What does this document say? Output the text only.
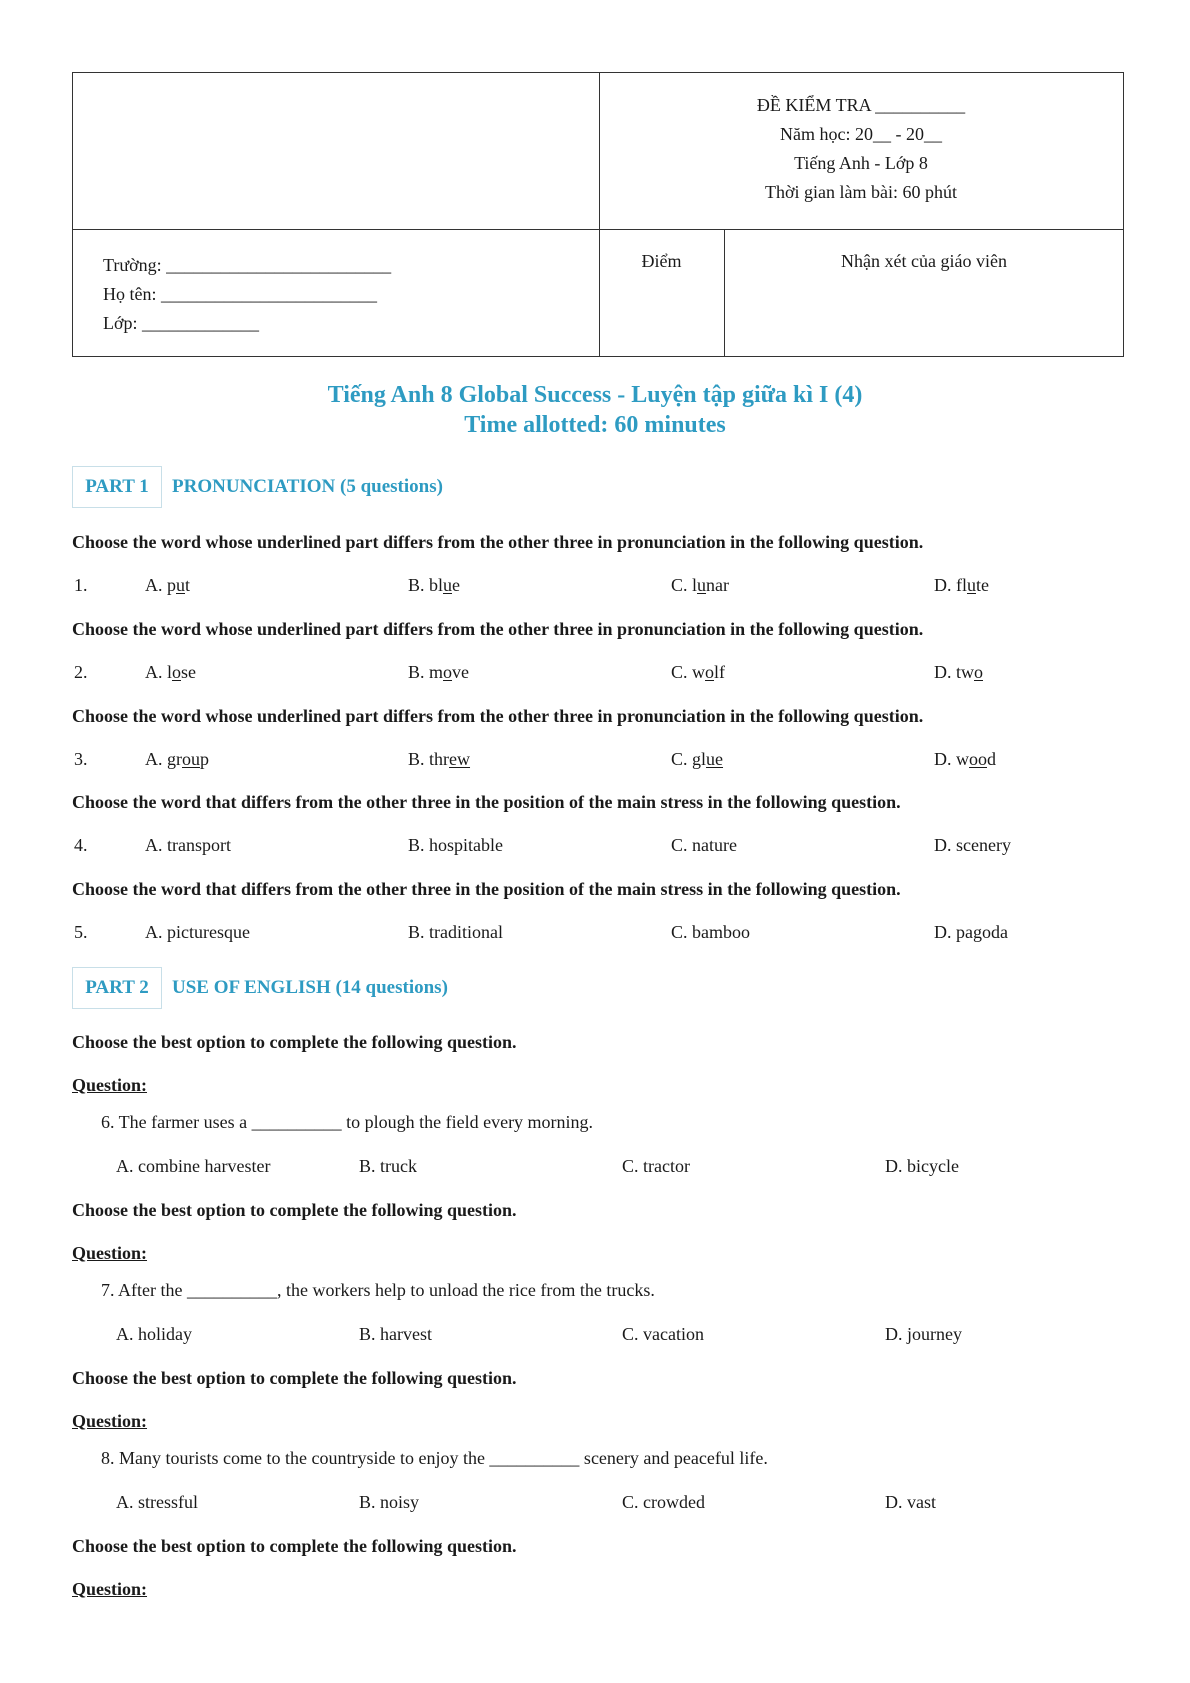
ĐỀ KIỂM TRA __________
Năm học: 20__ - 20__
Tiếng Anh - Lớp 8
Thời gian làm bài: 60 phút
Trường: _________________________
Họ tên: ________________________
Lớp: _____________
Điểm	Nhận xét của giáo viên
Tiếng Anh 8 Global Success - Luyện tập giữa kì I (4)
Time allotted: 60 minutes
PART 1	PRONUNCIATION (5 questions)
Choose the word whose underlined part differs from the other three in pronunciation in the following question.
1.	A. put	B. blue	C. lunar	D. flute
Choose the word whose underlined part differs from the other three in pronunciation in the following question.
2.	A. lose	B. move	C. wolf	D. two
Choose the word whose underlined part differs from the other three in pronunciation in the following question.
3.	A. group	B. threw	C. glue	D. wood
Choose the word that differs from the other three in the position of the main stress in the following question.
4.	A. transport	B. hospitable	C. nature	D. scenery
Choose the word that differs from the other three in the position of the main stress in the following question.
5.	A. picturesque	B. traditional	C. bamboo	D. pagoda
PART 2	USE OF ENGLISH (14 questions)
Choose the best option to complete the following question.
Question:
6. The farmer uses a __________ to plough the field every morning.
A. combine harvester	B. truck	C. tractor	D. bicycle
Choose the best option to complete the following question.
Question:
7. After the __________, the workers help to unload the rice from the trucks.
A. holiday	B. harvest	C. vacation	D. journey
Choose the best option to complete the following question.
Question:
8. Many tourists come to the countryside to enjoy the __________ scenery and peaceful life.
A. stressful	B. noisy	C. crowded	D. vast
Choose the best option to complete the following question.
Question:
